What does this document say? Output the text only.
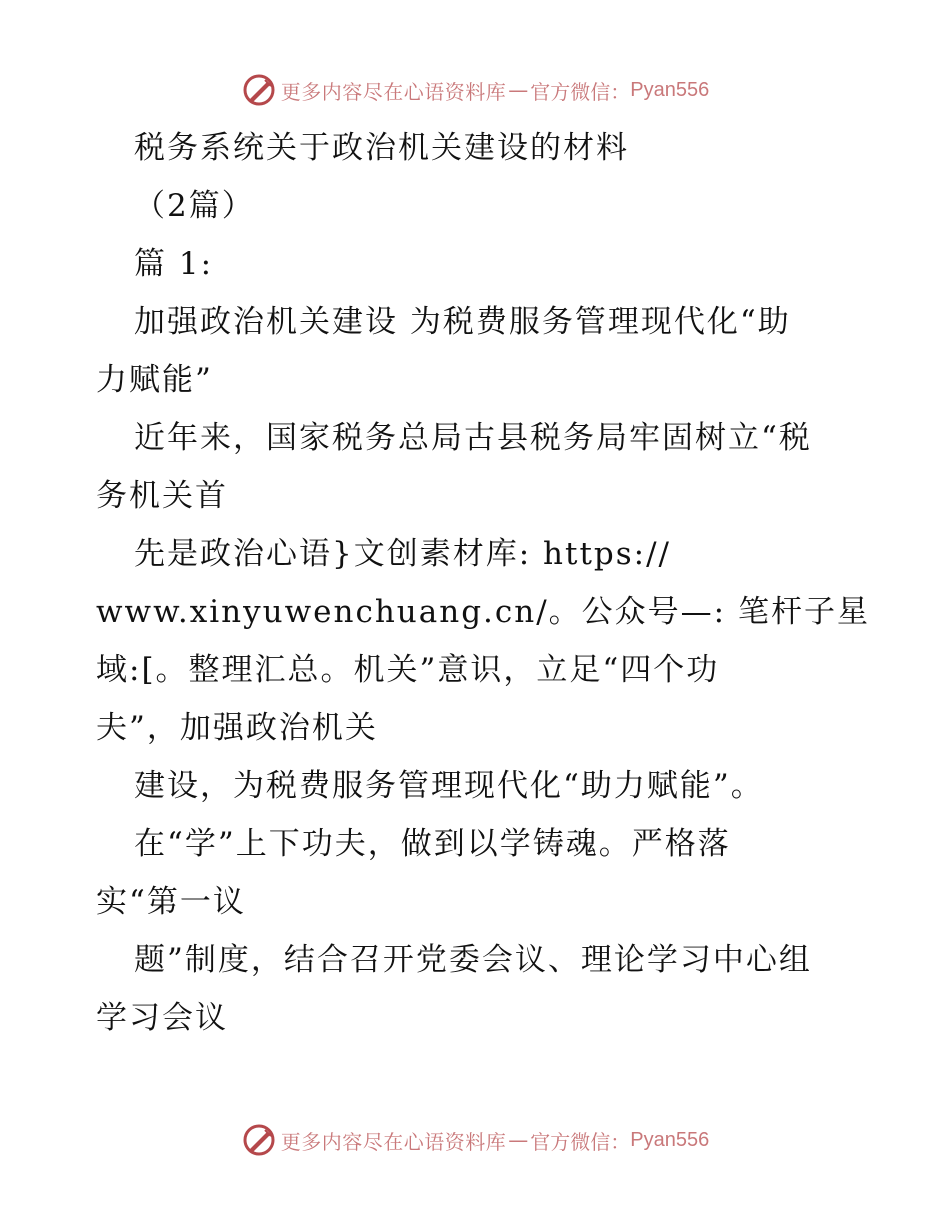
更多内容尽在心语资料库 — 官方微信： Pyan556
税务系统关于政治机关建设的材料
（2篇）
篇 1:
加强政治机关建设 为税费服务管理现代化“助
力赋能”
近年来，国家税务总局古县税务局牢固树立“税
务机关首
先是政治心语}文创素材库: https://
www.xinyuwenchuang.cn/。公众号—: 笔杆子星
域:[。整理汇总。机关”意识，立足“四个功
夫”，加强政治机关
建设，为税费服务管理现代化“助力赋能”。
在“学”上下功夫，做到以学铸魂。严格落
实“第一议
题”制度，结合召开党委会议、理论学习中心组
学习会议
更多内容尽在心语资料库 — 官方微信： Pyan556
